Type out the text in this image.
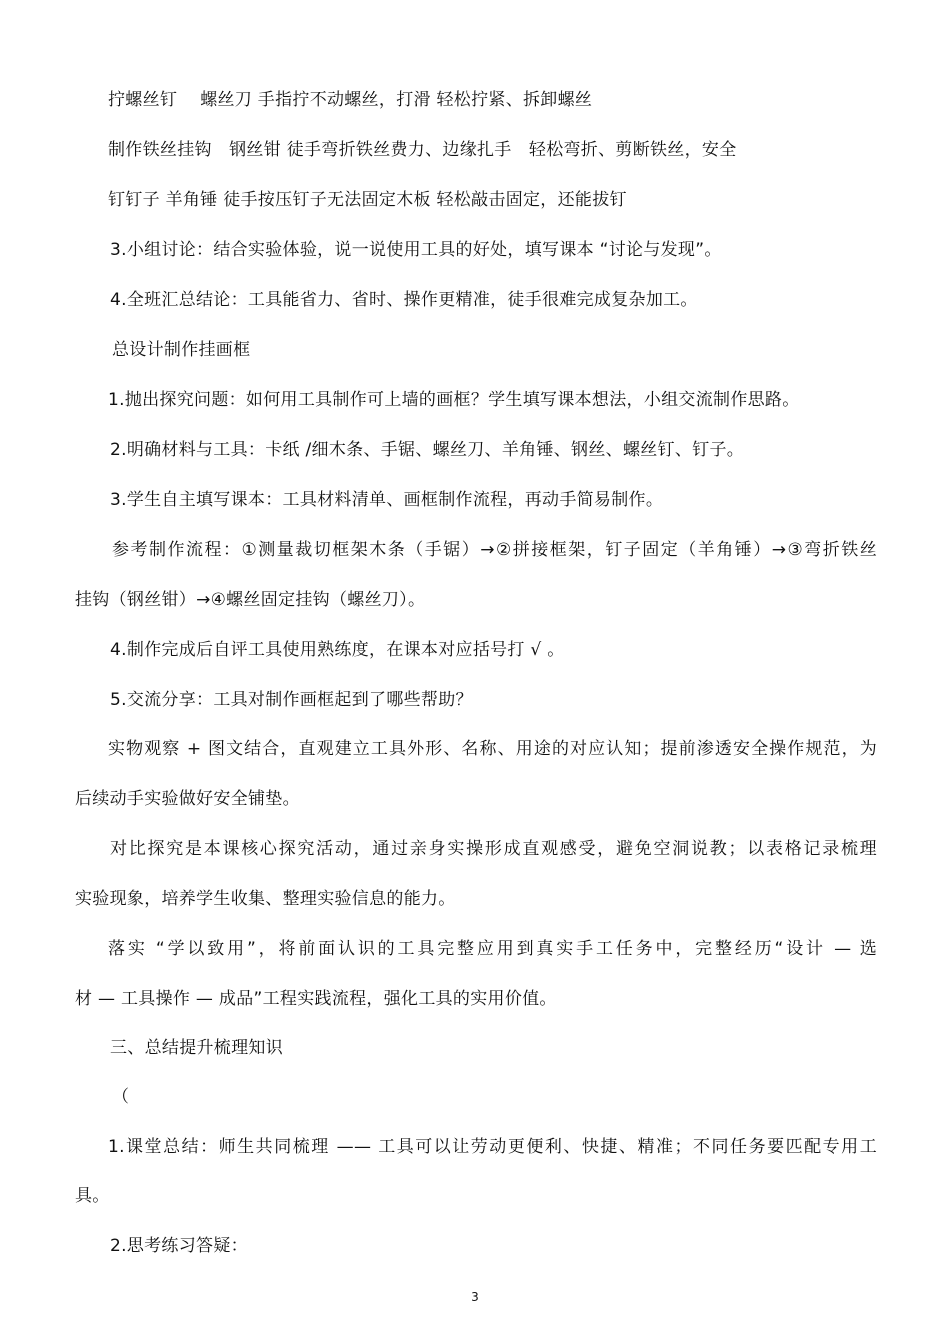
拧螺丝钉　 螺丝刀 手指拧不动螺丝，打滑 轻松拧紧、拆卸螺丝
制作铁丝挂钩　钢丝钳 徒手弯折铁丝费力、边缘扎手　轻松弯折、剪断铁丝，安全
钉钉子 羊角锤 徒手按压钉子无法固定木板 轻松敲击固定，还能拔钉
3.小组讨论：结合实验体验，说一说使用工具的好处，填写课本 “讨论与发现”。
4.全班汇总结论：工具能省力、省时、操作更精准，徒手很难完成复杂加工。
总设计制作挂画框
1.抛出探究问题：如何用工具制作可上墙的画框？学生填写课本想法，小组交流制作思路。
2.明确材料与工具：卡纸 /细木条、手锯、螺丝刀、羊角锤、钢丝、螺丝钉、钉子。
3.学生自主填写课本：工具材料清单、画框制作流程，再动手简易制作。
参考制作流程：①测量裁切框架木条（手锯）→②拼接框架，钉子固定（羊角锤）→③弯折铁丝
挂钩（钢丝钳）→④螺丝固定挂钩（螺丝刀）。
4.制作完成后自评工具使用熟练度，在课本对应括号打 √ 。
5.交流分享：工具对制作画框起到了哪些帮助？
实物观察 + 图文结合，直观建立工具外形、名称、用途的对应认知；提前渗透安全操作规范，为
后续动手实验做好安全铺垫。
对比探究是本课核心探究活动，通过亲身实操形成直观感受，避免空洞说教；以表格记录梳理
实验现象，培养学生收集、整理实验信息的能力。
落实 “学以致用”，将前面认识的工具完整应用到真实手工任务中，完整经历“设计 — 选
材 — 工具操作 — 成品”工程实践流程，强化工具的实用价值。
三、总结提升梳理知识
（
1.课堂总结：师生共同梳理 —— 工具可以让劳动更便利、快捷、精准；不同任务要匹配专用工
具。
2.思考练习答疑：
3
